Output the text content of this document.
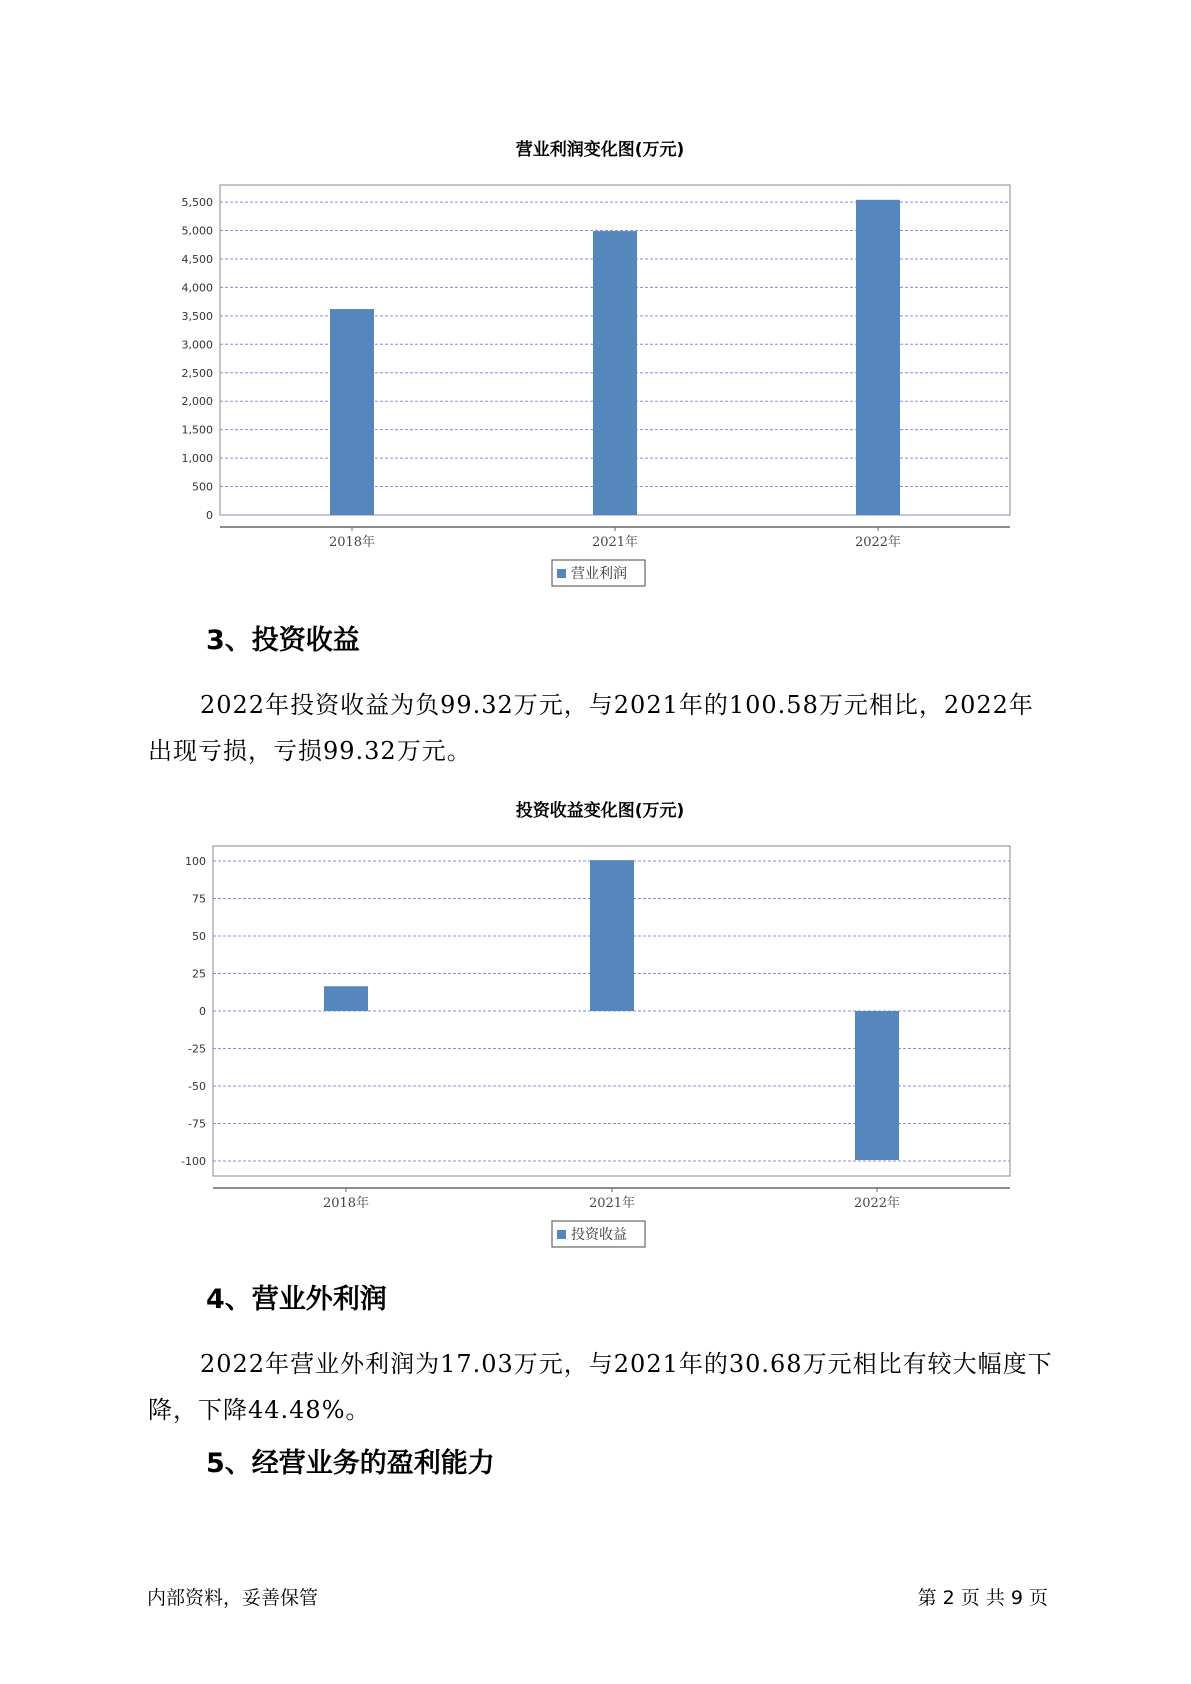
营业利润变化图(万元)
0
500
1,000
1,500
2,000
2,500
3,000
3,500
4,000
4,500
5,000
5,500
2018年	2021年	2022年
营业利润
3、投资收益

2022年投资收益为负99.32万元，与2021年的100.58万元相比，2022年出现亏损，亏损99.32万元。

投资收益变化图(万元)
100
75
50
25
0
-25
-50
-75
-100
2018年	2021年	2022年
投资收益
4、营业外利润

2022年营业外利润为17.03万元，与2021年的30.68万元相比有较大幅度下降，下降44.48%。

5、经营业务的盈利能力
内部资料，妥善保管	第 2 页 共 9 页
